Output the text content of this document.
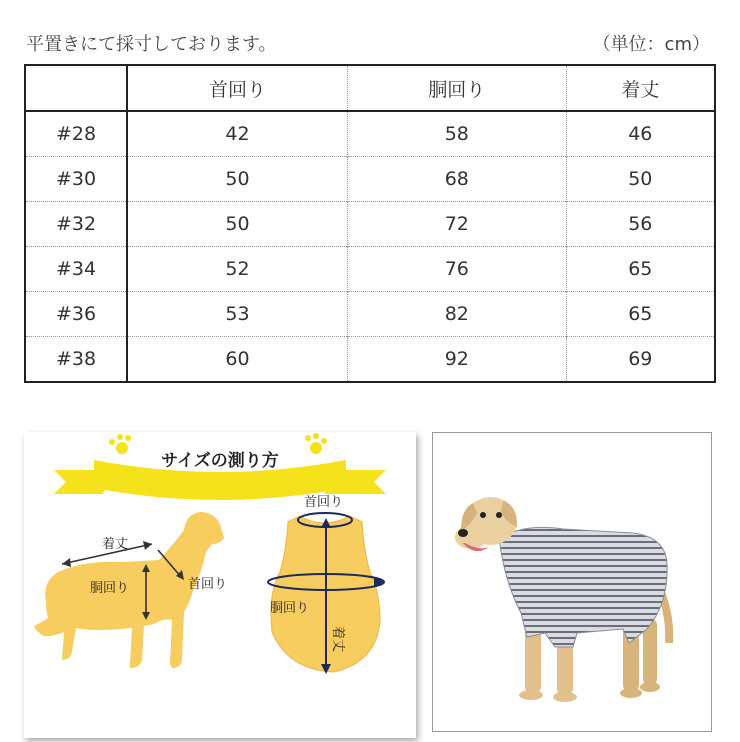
平置きにて採寸しております。	（単位：cm）
	首回り	胴回り	着丈
#28	42	58	46
#30	50	68	50
#32	50	72	56
#34	52	76	65
#36	53	82	65
#38	60	92	69
サイズの測り方
着丈
胴回り	首回り
首回り
胴回り
着丈
